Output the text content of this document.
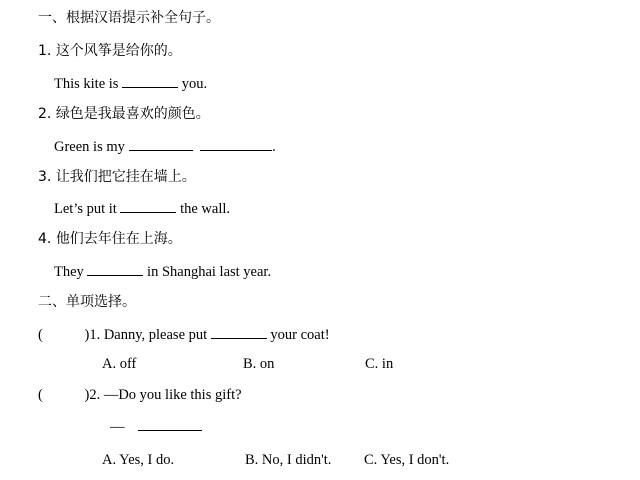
一、根据汉语提示补全句子。
1. 这个风筝是给你的。
This kite is	you.
2. 绿色是我最喜欢的颜色。
Green is my	.
3. 让我们把它挂在墙上。
Let’s put it	the wall.
4. 他们去年住在上海。
They	in Shanghai last year.
二、单项选择。
(	)1. Danny, please put	your coat!
A. off	B. on	C. in
(	)2. —Do you like this gift?
—
A. Yes, I do.	B. No, I didn't. C. Yes, I don't.
